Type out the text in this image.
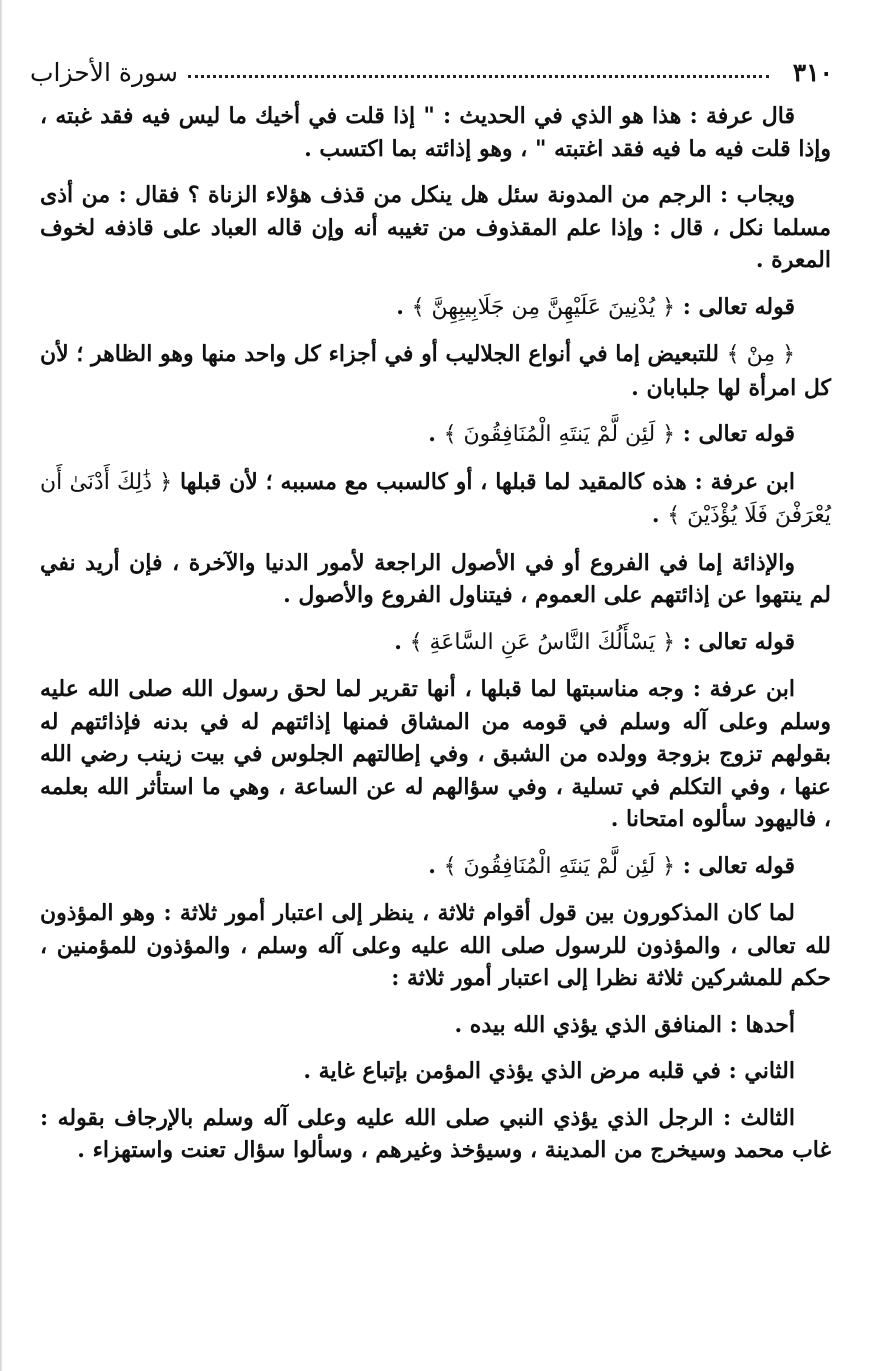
٣١٠
سورة الأحزاب

قال عرفة : هذا هو الذي في الحديث : " إذا قلت في أخيك ما ليس فيه فقد غبته ، وإذا قلت فيه ما فيه فقد اغتبته " ، وهو إذائته بما اكتسب .

ويجاب : الرجم من المدونة سئل هل ينكل من قذف هؤلاء الزناة ؟ فقال : من أذى مسلما نكل ، قال : وإذا علم المقذوف من تغيبه أنه وإن قاله العباد على قاذفه لخوف المعرة .

قوله تعالى : ﴿ يُدْنِينَ عَلَيْهِنَّ مِن جَلَابِيبِهِنَّ ﴾ .

﴿ مِنْ ﴾ للتبعيض إما في أنواع الجلاليب أو في أجزاء كل واحد منها وهو الظاهر ؛ لأن كل امرأة لها جلبابان .

قوله تعالى : ﴿ لَئِن لَّمْ يَنتَهِ الْمُنَافِقُونَ ﴾ .

ابن عرفة : هذه كالمقيد لما قبلها ، أو كالسبب مع مسببه ؛ لأن قبلها ﴿ ذَٰلِكَ أَدْنَىٰ أَن يُعْرَفْنَ فَلَا يُؤْذَيْنَ ﴾ .

والإذائة إما في الفروع أو في الأصول الراجعة لأمور الدنيا والآخرة ، فإن أريد نفي لم ينتهوا عن إذائتهم على العموم ، فيتناول الفروع والأصول .

قوله تعالى : ﴿ يَسْأَلُكَ النَّاسُ عَنِ السَّاعَةِ ﴾ .

ابن عرفة : وجه مناسبتها لما قبلها ، أنها تقرير لما لحق رسول الله صلى الله عليه وسلم وعلى آله وسلم في قومه من المشاق فمنها إذائتهم له في بدنه فإذائتهم له بقولهم تزوج بزوجة وولده من الشبق ، وفي إطالتهم الجلوس في بيت زينب رضي الله عنها ، وفي التكلم في تسلية ، وفي سؤالهم له عن الساعة ، وهي ما استأثر الله بعلمه ، فاليهود سألوه امتحانا .

قوله تعالى : ﴿ لَئِن لَّمْ يَنتَهِ الْمُنَافِقُونَ ﴾ .

لما كان المذكورون بين قول أقوام ثلاثة ، ينظر إلى اعتبار أمور ثلاثة : وهو المؤذون لله تعالى ، والمؤذون للرسول صلى الله عليه وعلى آله وسلم ، والمؤذون للمؤمنين ، حكم للمشركين ثلاثة نظرا إلى اعتبار أمور ثلاثة :

أحدها : المنافق الذي يؤذي الله بيده .

الثاني : في قلبه مرض الذي يؤذي المؤمن بإتباع غاية .

الثالث : الرجل الذي يؤذي النبي صلى الله عليه وعلى آله وسلم بالإرجاف بقوله : غاب محمد وسيخرج من المدينة ، وسيؤخذ وغيرهم ، وسألوا سؤال تعنت واستهزاء .
